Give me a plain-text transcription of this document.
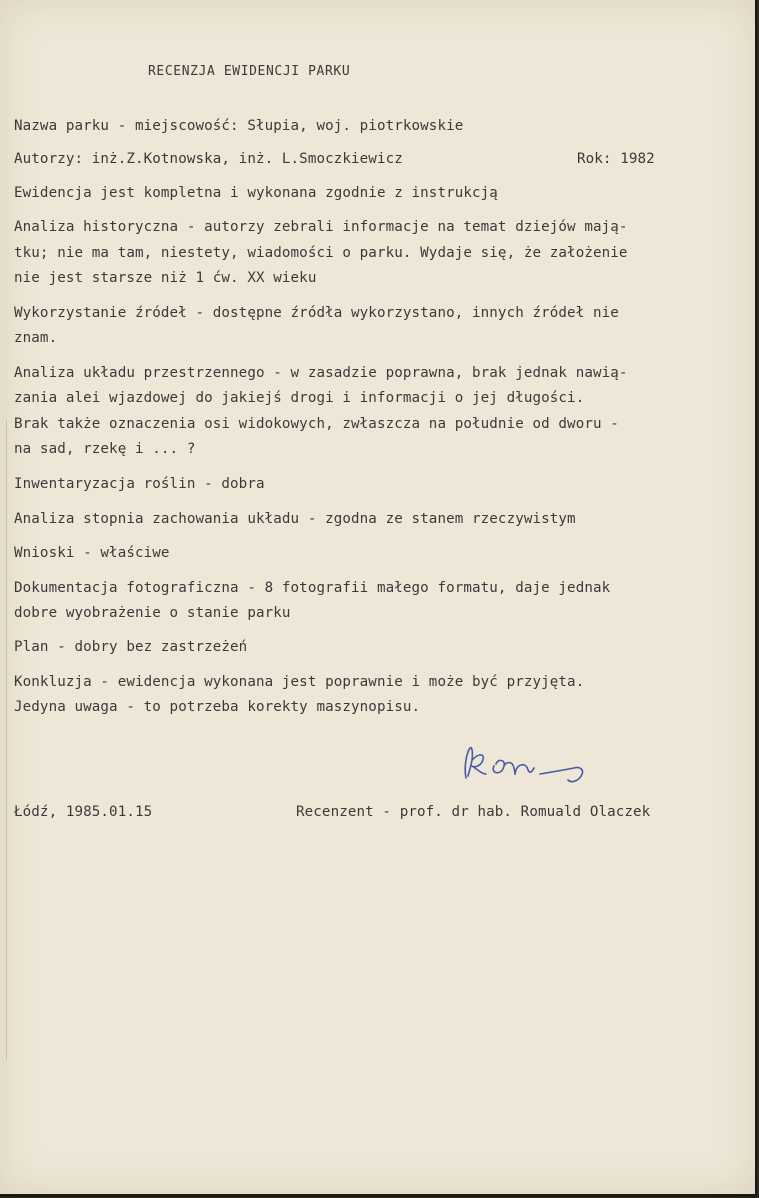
RECENZJA EWIDENCJI PARKU
Nazwa parku - miejscowość: Słupia, woj. piotrkowskie
Autorzy: inż.Z.Kotnowska, inż. L.Smoczkiewicz	Rok: 1982
Ewidencja jest kompletna i wykonana zgodnie z instrukcją
Analiza historyczna - autorzy zebrali informacje na temat dziejów mają-
tku; nie ma tam, niestety, wiadomości o parku. Wydaje się, że założenie
nie jest starsze niż 1 ćw. XX wieku
Wykorzystanie źródeł - dostępne źródła wykorzystano, innych źródeł nie
znam.
Analiza układu przestrzennego - w zasadzie poprawna, brak jednak nawią-
zania alei wjazdowej do jakiejś drogi i informacji o jej długości.
Brak także oznaczenia osi widokowych, zwłaszcza na południe od dworu -
na sad, rzekę i ... ?
Inwentaryzacja roślin - dobra
Analiza stopnia zachowania układu - zgodna ze stanem rzeczywistym
Wnioski - właściwe
Dokumentacja fotograficzna - 8 fotografii małego formatu, daje jednak
dobre wyobrażenie o stanie parku
Plan - dobry bez zastrzeżeń
Konkluzja - ewidencja wykonana jest poprawnie i może być przyjęta.
Jedyna uwaga - to potrzeba korekty maszynopisu.
Łódź, 1985.01.15	Recenzent - prof. dr hab. Romuald Olaczek
